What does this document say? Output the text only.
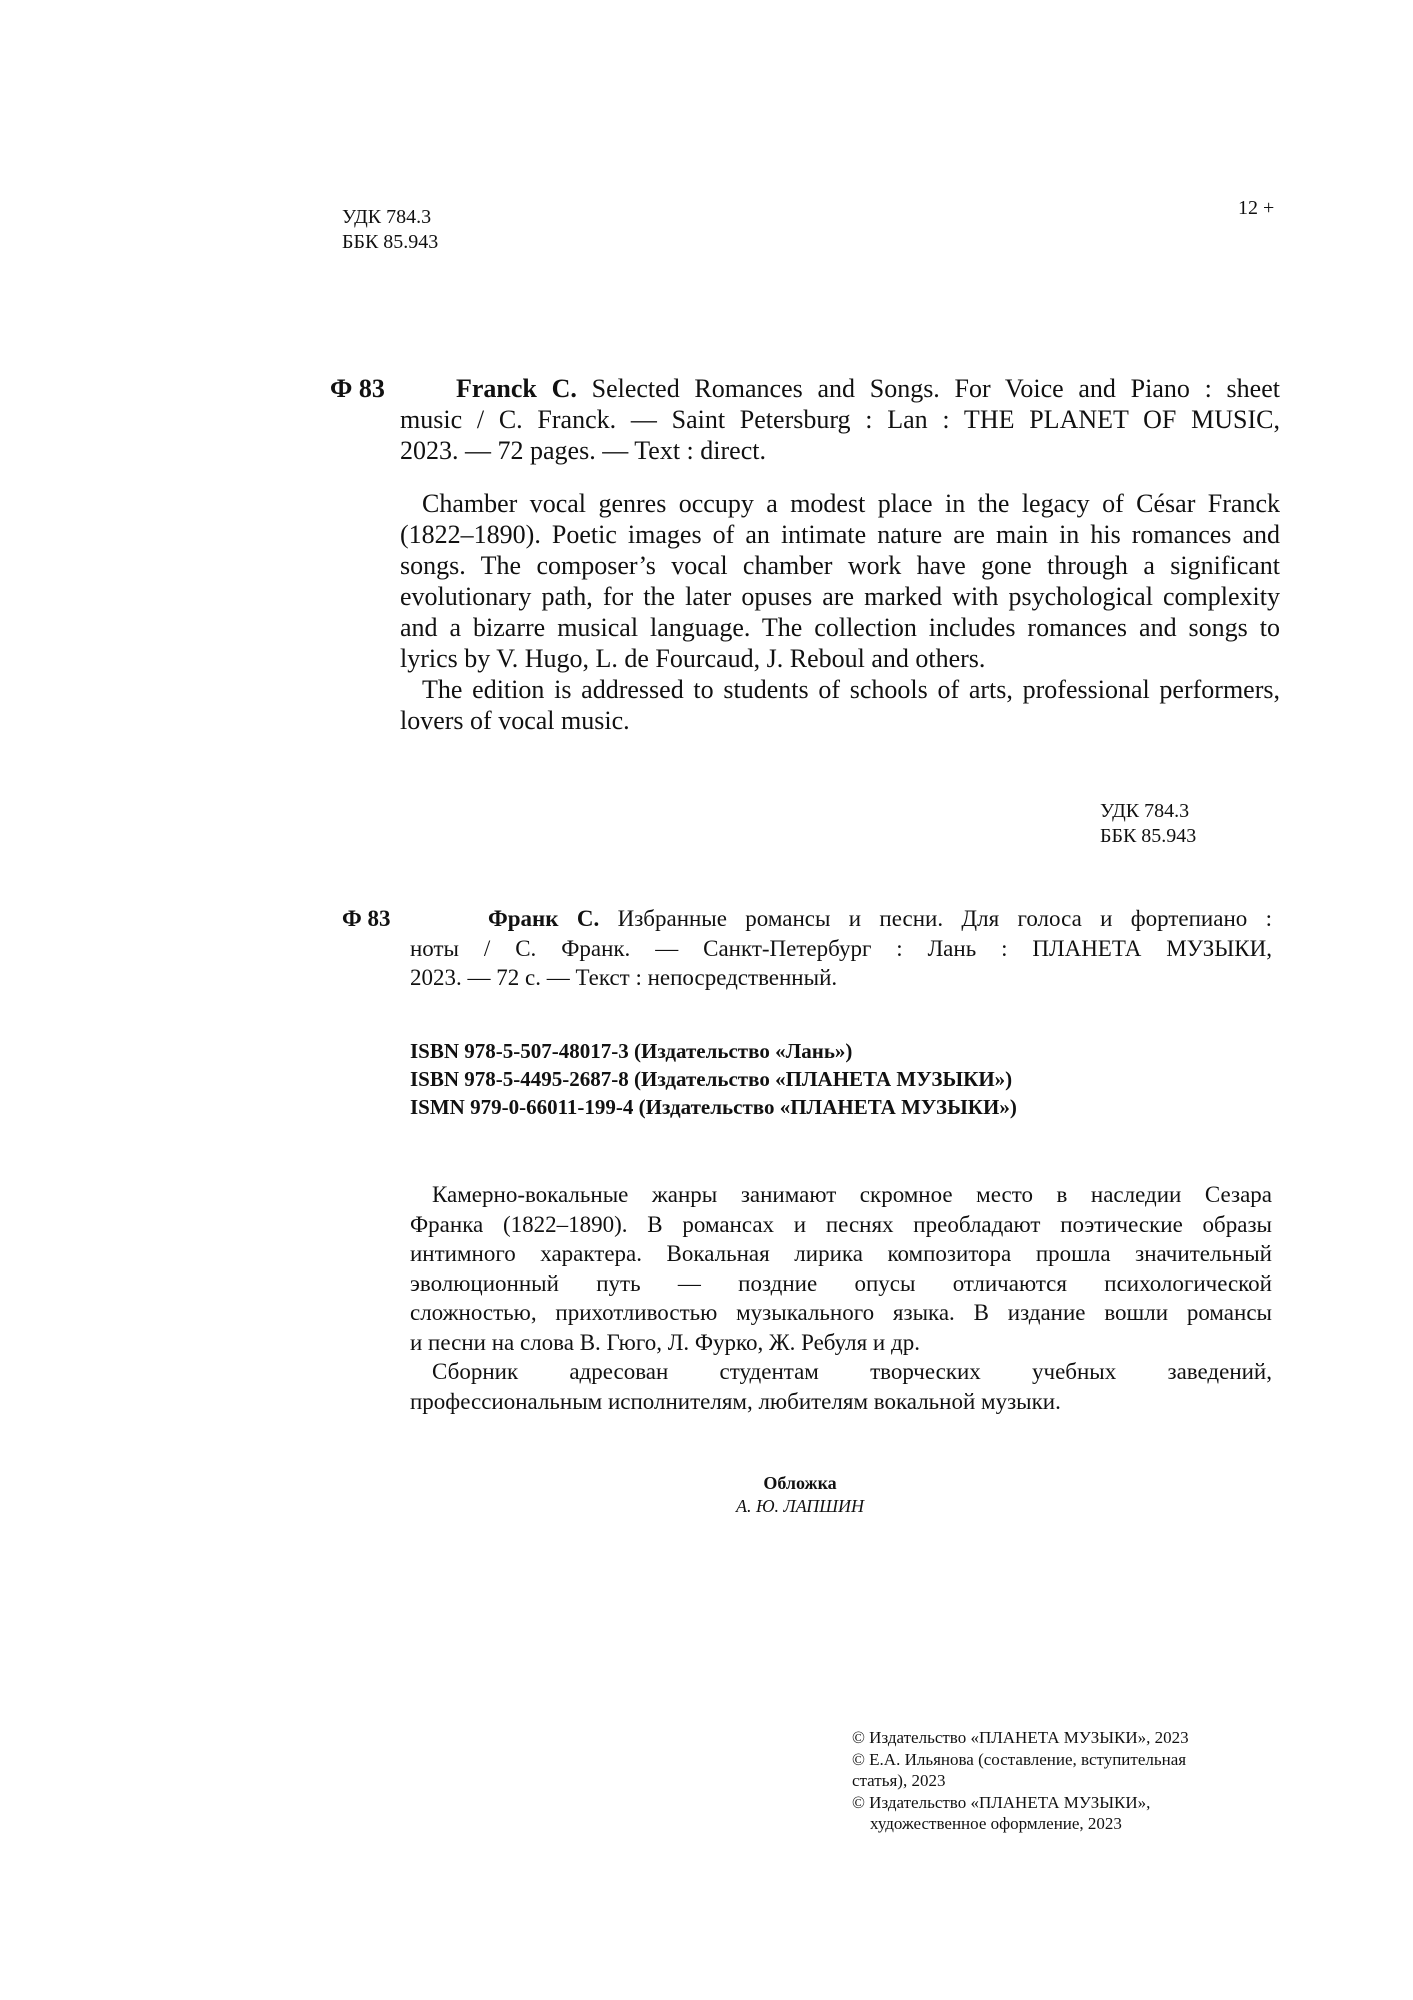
УДК 784.3
ББК 85.943
12 +
Ф 83	Franck C. Selected Romances and Songs. For Voice and Piano : sheet
music / C. Franck. — Saint Petersburg : Lan : THE PLANET OF MUSIC,
2023. — 72 pages. — Text : direct.
Chamber vocal genres occupy a modest place in the legacy of César Franck
(1822–1890). Poetic images of an intimate nature are main in his romances and
songs. The composer’s vocal chamber work have gone through a significant
evolutionary path, for the later opuses are marked with psychological complexity
and a bizarre musical language. The collection includes romances and songs to
lyrics by V. Hugo, L. de Fourcaud, J. Reboul and others.
The edition is addressed to students of schools of arts, professional performers,
lovers of vocal music.
УДК 784.3
ББК 85.943
Ф 83	Франк С. Избранные романсы и песни. Для голоса и фортепиано :
ноты / С. Франк. — Санкт-Петербург : Лань : ПЛАНЕТА МУЗЫКИ,
2023. — 72 с. — Текст : непосредственный.
ISBN 978-5-507-48017-3 (Издательство «Лань»)
ISBN 978-5-4495-2687-8 (Издательство «ПЛАНЕТА МУЗЫКИ»)
ISMN 979-0-66011-199-4 (Издательство «ПЛАНЕТА МУЗЫКИ»)
Камерно-вокальные жанры занимают скромное место в наследии Сезара
Франка (1822–1890). В романсах и песнях преобладают поэтические образы
интимного характера. Вокальная лирика композитора прошла значительный
эволюционный путь — поздние опусы отличаются психологической
сложностью, прихотливостью музыкального языка. В издание вошли романсы
и песни на слова В. Гюго, Л. Фурко, Ж. Ребуля и др.
Сборник адресован студентам творческих учебных заведений,
профессиональным исполнителям, любителям вокальной музыки.
Обложка
А. Ю. ЛАПШИН
© Издательство «ПЛАНЕТА МУЗЫКИ», 2023
© Е.А. Ильянова (составление, вступительная
статья), 2023
© Издательство «ПЛАНЕТА МУЗЫКИ»,
художественное оформление, 2023
